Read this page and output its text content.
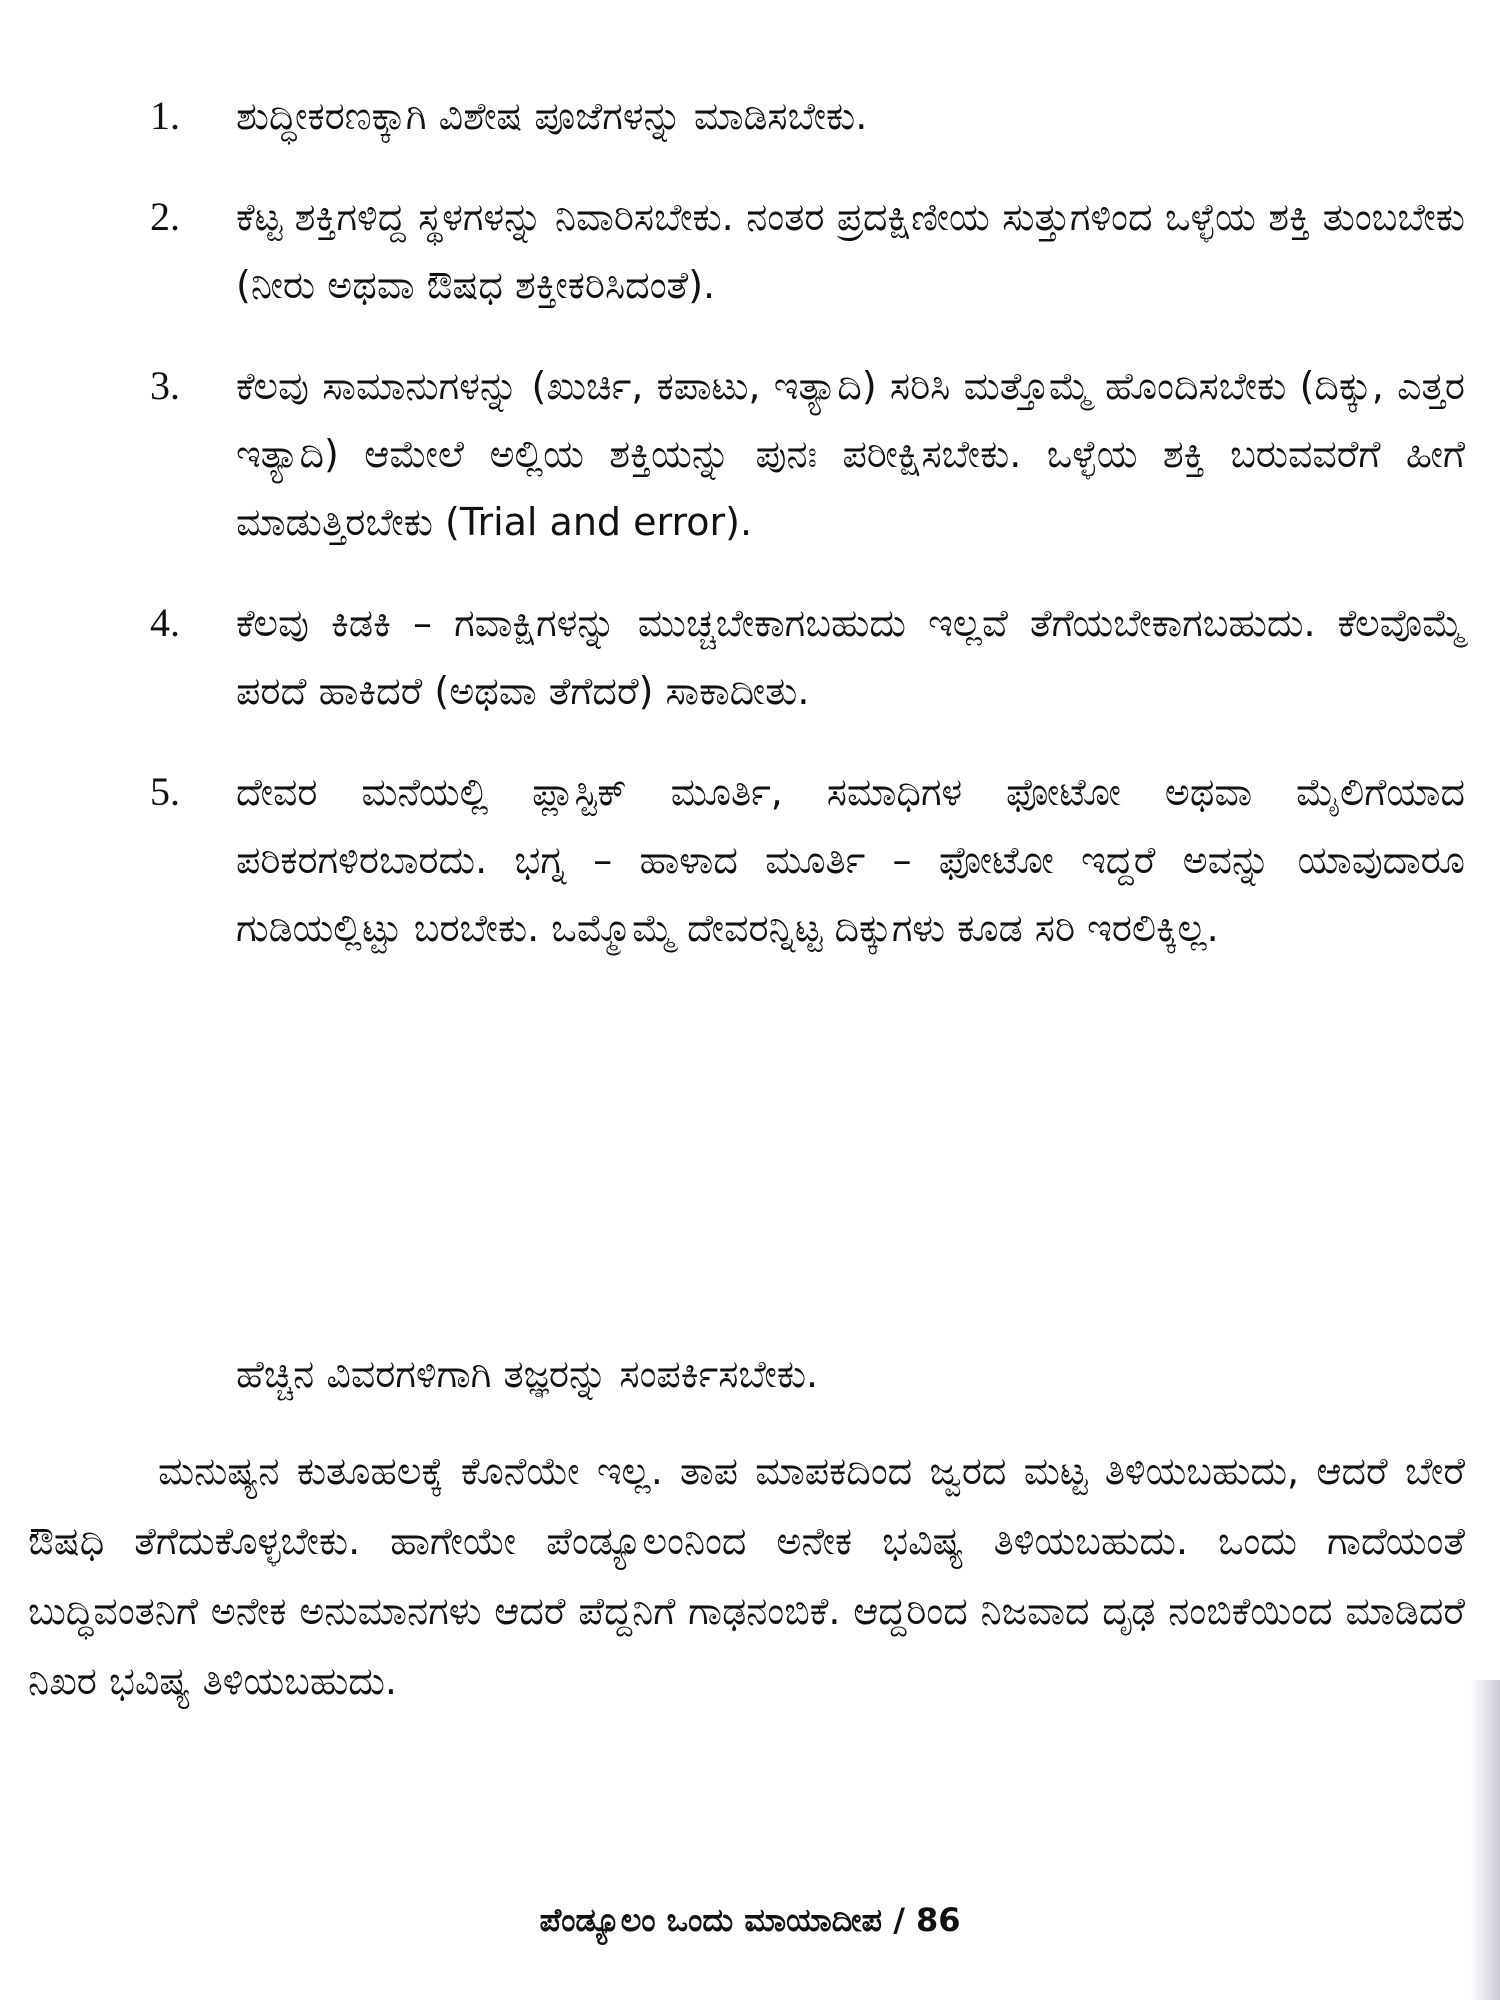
1.	ಶುದ್ಧೀಕರಣಕ್ಕಾಗಿ ವಿಶೇಷ ಪೂಜೆಗಳನ್ನು ಮಾಡಿಸಬೇಕು.

2.	ಕೆಟ್ಟ ಶಕ್ತಿಗಳಿದ್ದ ಸ್ಥಳಗಳನ್ನು ನಿವಾರಿಸಬೇಕು. ನಂತರ ಪ್ರದಕ್ಷಿಣೀಯ ಸುತ್ತುಗಳಿಂದ ಒಳ್ಳೆಯ ಶಕ್ತಿ ತುಂಬಬೇಕು (ನೀರು ಅಥವಾ ಔಷಧ ಶಕ್ತೀಕರಿಸಿದಂತೆ).

3.	ಕೆಲವು ಸಾಮಾನುಗಳನ್ನು (ಖುರ್ಚಿ, ಕಪಾಟು, ಇತ್ಯಾದಿ) ಸರಿಸಿ ಮತ್ತೊಮ್ಮೆ ಹೊಂದಿಸಬೇಕು (ದಿಕ್ಕು, ಎತ್ತರ ಇತ್ಯಾದಿ) ಆಮೇಲೆ ಅಲ್ಲಿಯ ಶಕ್ತಿಯನ್ನು ಪುನಃ ಪರೀಕ್ಷಿಸಬೇಕು. ಒಳ್ಳೆಯ ಶಕ್ತಿ ಬರುವವರೆಗೆ ಹೀಗೆ ಮಾಡುತ್ತಿರಬೇಕು (Trial and error).

4.	ಕೆಲವು ಕಿಡಕಿ – ಗವಾಕ್ಷಿಗಳನ್ನು ಮುಚ್ಚಬೇಕಾಗಬಹುದು ಇಲ್ಲವೆ ತೆಗೆಯಬೇಕಾಗಬಹುದು. ಕೆಲವೊಮ್ಮೆ ಪರದೆ ಹಾಕಿದರೆ (ಅಥವಾ ತೆಗೆದರೆ) ಸಾಕಾದೀತು.

5.	ದೇವರ ಮನೆಯಲ್ಲಿ ಪ್ಲಾಸ್ಟಿಕ್ ಮೂರ್ತಿ, ಸಮಾಧಿಗಳ ಫೋಟೋ ಅಥವಾ ಮೈಲಿಗೆಯಾದ ಪರಿಕರಗಳಿರಬಾರದು. ಭಗ್ನ – ಹಾಳಾದ ಮೂರ್ತಿ – ಫೋಟೋ ಇದ್ದರೆ ಅವನ್ನು ಯಾವುದಾರೂ ಗುಡಿಯಲ್ಲಿಟ್ಟು ಬರಬೇಕು. ಒಮ್ಮೊಮ್ಮೆ ದೇವರನ್ನಿಟ್ಟ ದಿಕ್ಕುಗಳು ಕೂಡ ಸರಿ ಇರಲಿಕ್ಕಿಲ್ಲ.

ಹೆಚ್ಚಿನ ವಿವರಗಳಿಗಾಗಿ ತಜ್ಞರನ್ನು ಸಂಪರ್ಕಿಸಬೇಕು.

ಮನುಷ್ಯನ ಕುತೂಹಲಕ್ಕೆ ಕೊನೆಯೇ ಇಲ್ಲ. ತಾಪ ಮಾಪಕದಿಂದ ಜ್ವರದ ಮಟ್ಟ ತಿಳಿಯಬಹುದು, ಆದರೆ ಬೇರೆ ಔಷಧಿ ತೆಗೆದುಕೊಳ್ಳಬೇಕು. ಹಾಗೇಯೇ ಪೆಂಡ್ಯೂಲಂನಿಂದ ಅನೇಕ ಭವಿಷ್ಯ ತಿಳಿಯಬಹುದು. ಒಂದು ಗಾದೆಯಂತೆ ಬುದ್ಧಿವಂತನಿಗೆ ಅನೇಕ ಅನುಮಾನಗಳು ಆದರೆ ಪೆದ್ದನಿಗೆ ಗಾಢನಂಬಿಕೆ. ಆದ್ದರಿಂದ ನಿಜವಾದ ದೃಢ ನಂಬಿಕೆಯಿಂದ ಮಾಡಿದರೆ ನಿಖರ ಭವಿಷ್ಯ ತಿಳಿಯಬಹುದು.

ಪೆಂಡ್ಯೂಲಂ ಒಂದು ಮಾಯಾದೀಪ / 86
